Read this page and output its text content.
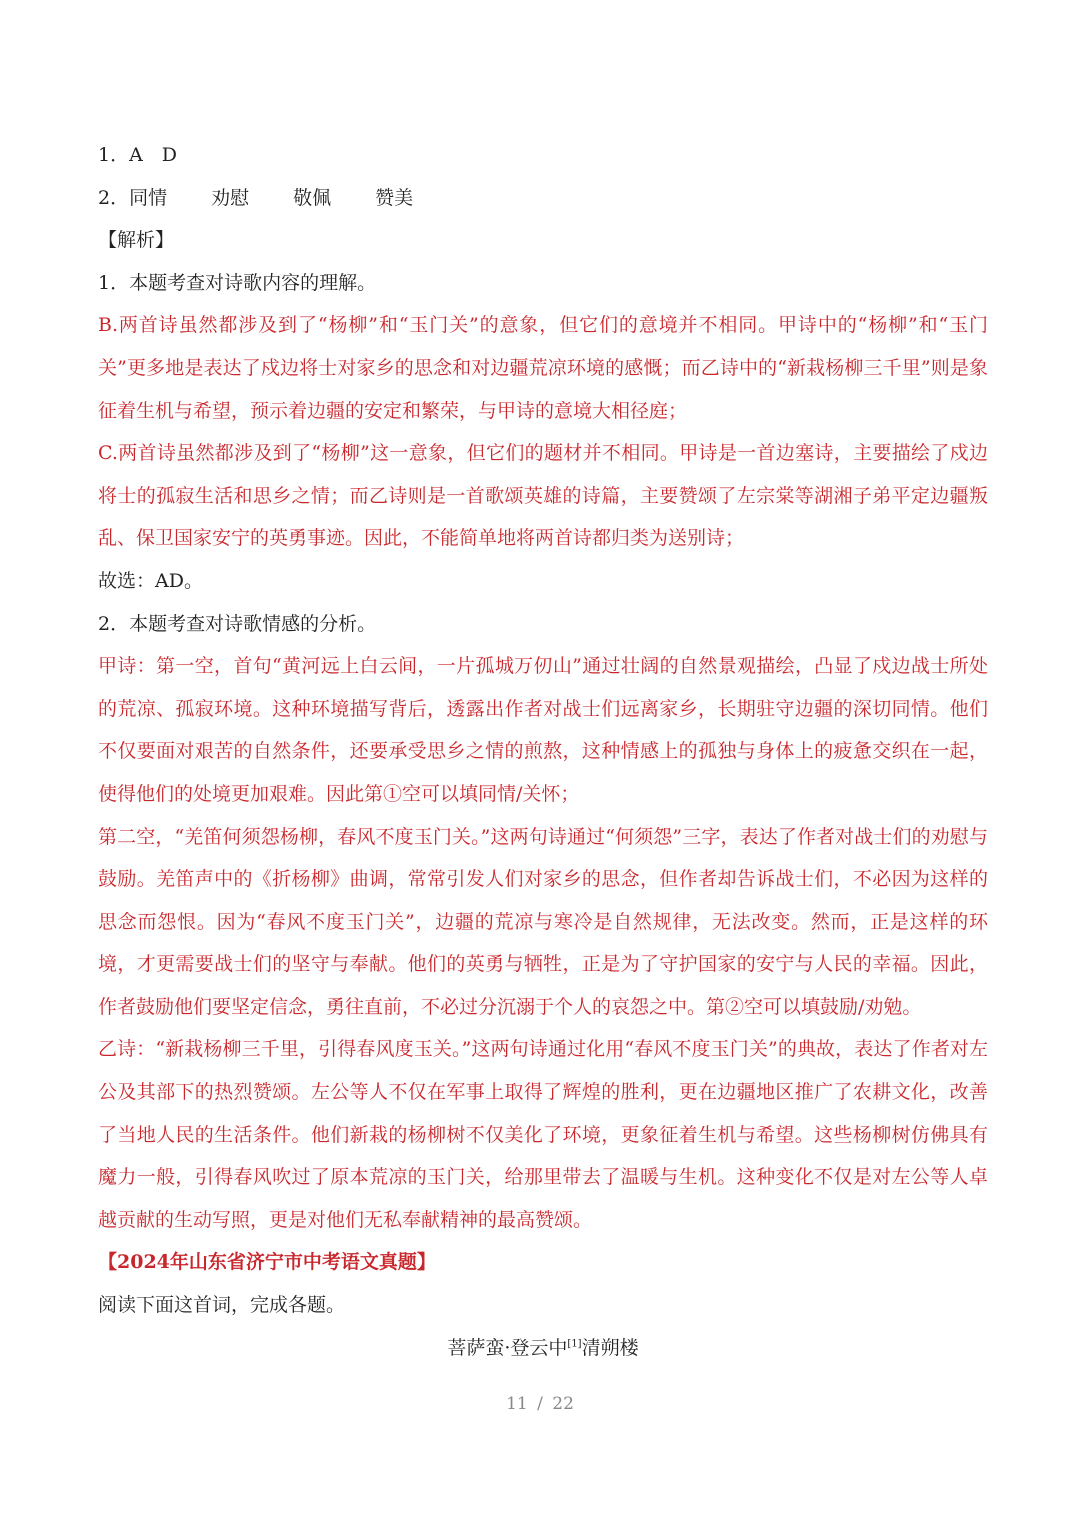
1．A　D

2．同情 劝慰 敬佩 赞美

【解析】

1．本题考查对诗歌内容的理解。

B.两首诗虽然都涉及到了“杨柳”和“玉门关”的意象，但它们的意境并不相同。甲诗中的“杨柳”和“玉门关”更多地是表达了戍边将士对家乡的思念和对边疆荒凉环境的感慨；而乙诗中的“新栽杨柳三千里”则是象征着生机与希望，预示着边疆的安定和繁荣，与甲诗的意境大相径庭；

C.两首诗虽然都涉及到了“杨柳”这一意象，但它们的题材并不相同。甲诗是一首边塞诗，主要描绘了戍边将士的孤寂生活和思乡之情；而乙诗则是一首歌颂英雄的诗篇，主要赞颂了左宗棠等湖湘子弟平定边疆叛乱、保卫国家安宁的英勇事迹。因此，不能简单地将两首诗都归类为送别诗；

故选：AD。

2．本题考查对诗歌情感的分析。

甲诗：第一空，首句“黄河远上白云间，一片孤城万仞山”通过壮阔的自然景观描绘，凸显了戍边战士所处的荒凉、孤寂环境。这种环境描写背后，透露出作者对战士们远离家乡，长期驻守边疆的深切同情。他们不仅要面对艰苦的自然条件，还要承受思乡之情的煎熬，这种情感上的孤独与身体上的疲惫交织在一起，使得他们的处境更加艰难。因此第①空可以填同情/关怀；

第二空，“羌笛何须怨杨柳，春风不度玉门关。”这两句诗通过“何须怨”三字，表达了作者对战士们的劝慰与鼓励。羌笛声中的《折杨柳》曲调，常常引发人们对家乡的思念，但作者却告诉战士们，不必因为这样的思念而怨恨。因为“春风不度玉门关”，边疆的荒凉与寒冷是自然规律，无法改变。然而，正是这样的环境，才更需要战士们的坚守与奉献。他们的英勇与牺牲，正是为了守护国家的安宁与人民的幸福。因此，作者鼓励他们要坚定信念，勇往直前，不必过分沉溺于个人的哀怨之中。第②空可以填鼓励/劝勉。

乙诗：“新栽杨柳三千里，引得春风度玉关。”这两句诗通过化用“春风不度玉门关”的典故，表达了作者对左公及其部下的热烈赞颂。左公等人不仅在军事上取得了辉煌的胜利，更在边疆地区推广了农耕文化，改善了当地人民的生活条件。他们新栽的杨柳树不仅美化了环境，更象征着生机与希望。这些杨柳树仿佛具有魔力一般，引得春风吹过了原本荒凉的玉门关，给那里带去了温暖与生机。这种变化不仅是对左公等人卓越贡献的生动写照，更是对他们无私奉献精神的最高赞颂。

【2024年山东省济宁市中考语文真题】

阅读下面这首词，完成各题。

菩萨蛮·登云中[1]清朔楼

11 / 22
